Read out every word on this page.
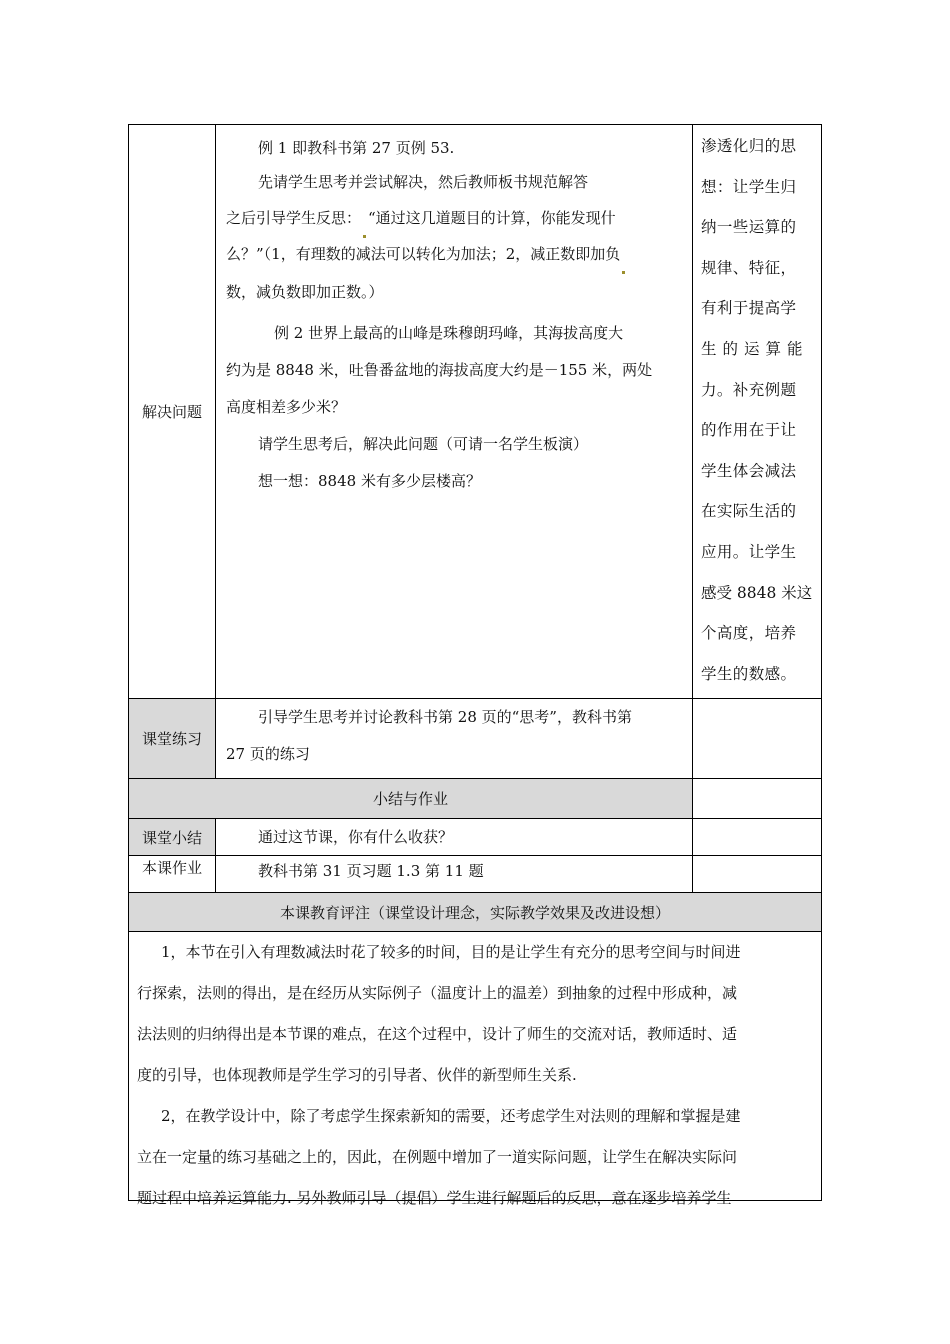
解决问题

例 1 即教科书第 27 页例 53.

先请学生思考并尝试解决，然后教师板书规范解答

之后引导学生反思： “通过这几道题目的计算，你能发现什

么？”（1，有理数的减法可以转化为加法；2，减正数即加负

数，减负数即加正数。）

例 2 世界上最高的山峰是珠穆朗玛峰，其海拔高度大

约为是 8848 米，吐鲁番盆地的海拔高度大约是－155 米，两处

高度相差多少米？

请学生思考后，解决此问题（可请一名学生板演）

想一想：8848 米有多少层楼高？

渗透化归的思

想：让学生归

纳一些运算的

规律、特征，

有利于提高学

生的运算能

力。补充例题

的作用在于让

学生体会减法

在实际生活的

应用。让学生

感受 8848 米这

个高度，培养

学生的数感。

课堂练习

引导学生思考并讨论教科书第 28 页的“思考”，教科书第

27 页的练习

小结与作业
课堂小结	通过这节课，你有什么收获？

本课作业	教科书第 31 页习题 1.3 第 11 题

本课教育评注（课堂设计理念，实际教学效果及改进设想）

1，本节在引入有理数减法时花了较多的时间，目的是让学生有充分的思考空间与时间进

行探索，法则的得出，是在经历从实际例子（温度计上的温差）到抽象的过程中形成种，减

法法则的归纳得出是本节课的难点，在这个过程中，设计了师生的交流对话，教师适时、适

度的引导，也体现教师是学生学习的引导者、伙伴的新型师生关系.

2，在教学设计中，除了考虑学生探索新知的需要，还考虑学生对法则的理解和掌握是建

立在一定量的练习基础之上的，因此，在例题中增加了一道实际问题，让学生在解决实际问

题过程中培养运算能力. 另外教师引导（提倡）学生进行解题后的反思，意在逐步培养学生
